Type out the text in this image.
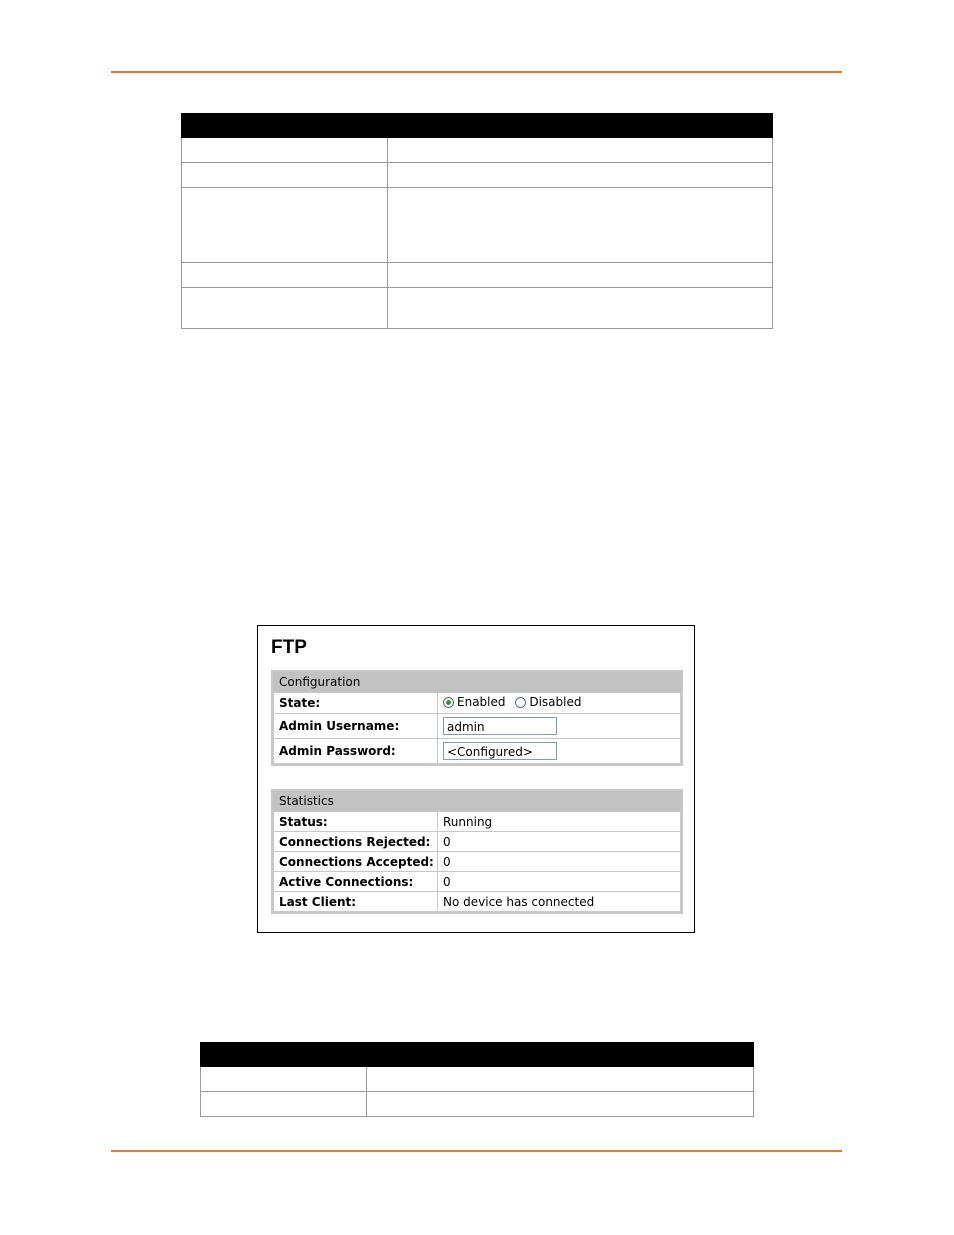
FTP
Configuration
State:	Enabled
Disabled

Admin Username:	admin
Admin Password:	<Configured>
Statistics
Status:	Running
Connections Rejected:	0
Connections Accepted:	0
Active Connections:	0
Last Client:	No device has connected
